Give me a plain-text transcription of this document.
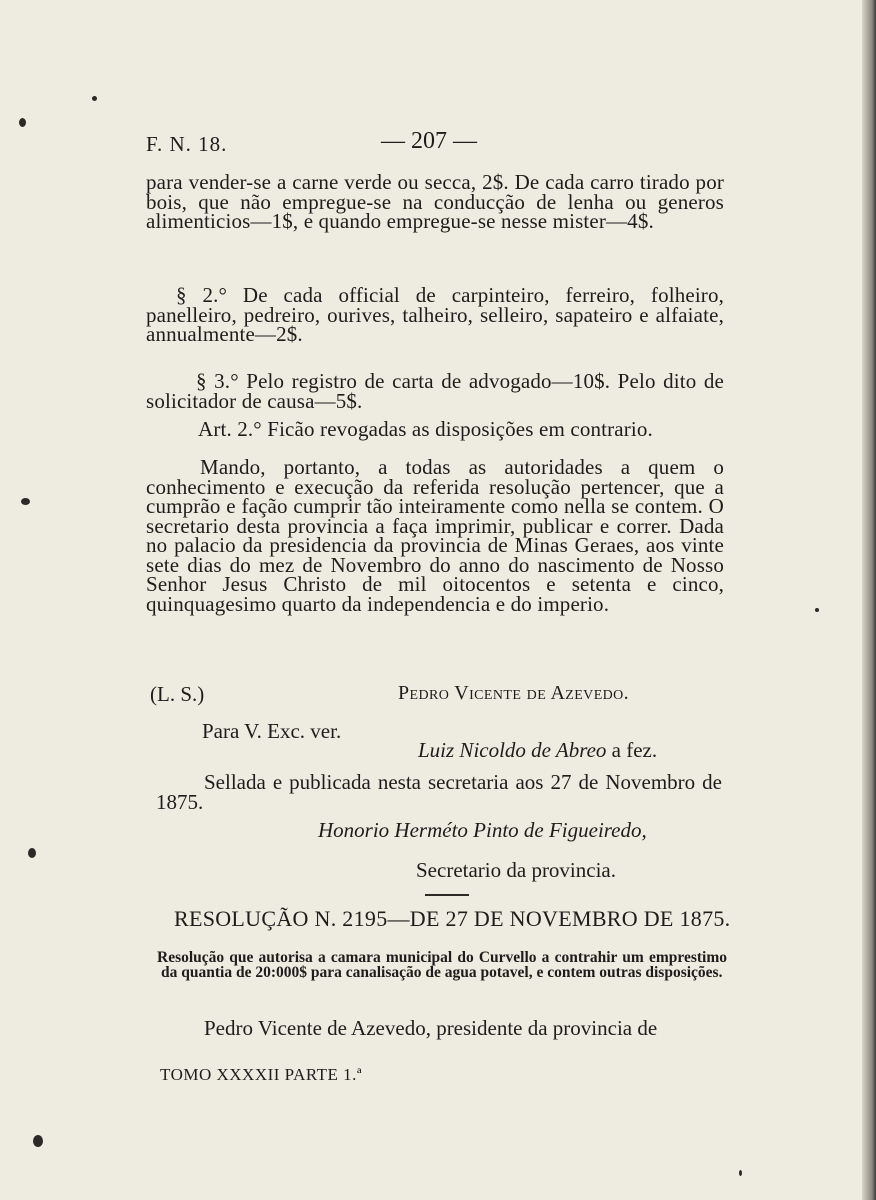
F. N. 18.	— 207 —
para vender-se a carne verde ou secca, 2$. De cada carro tirado por bois, que não empregue-se na conducção de lenha ou generos alimenticios—1$, e quando empregue-se nesse mister—4$.
§ 2.° De cada official de carpinteiro, ferreiro, folheiro, panelleiro, pedreiro, ourives, talheiro, selleiro, sapateiro e alfaiate, annualmente—2$.
§ 3.° Pelo registro de carta de advogado—10$. Pelo dito de solicitador de causa—5$.
Art. 2.° Ficão revogadas as disposições em contrario.
Mando, portanto, a todas as autoridades a quem o conhecimento e execução da referida resolução pertencer, que a cumprão e fação cumprir tão inteiramente como nella se contem. O secretario desta provincia a faça imprimir, publicar e correr. Dada no palacio da presidencia da provincia de Minas Geraes, aos vinte sete dias do mez de Novembro do anno do nascimento de Nosso Senhor Jesus Christo de mil oitocentos e setenta e cinco, quinquagesimo quarto da independencia e do imperio.
(L. S.)	Pedro Vicente de Azevedo.
Para V. Exc. ver.
Luiz Nicoldo de Abreo a fez.
Sellada e publicada nesta secretaria aos 27 de Novembro de 1875.
Honorio Herméto Pinto de Figueiredo,
Secretario da provincia.
RESOLUÇÃO N. 2195—DE 27 DE NOVEMBRO DE 1875.
Resolução que autorisa a camara municipal do Curvello a contrahir um emprestimo da quantia de 20:000$ para canalisação de agua potavel, e contem outras disposições.
Pedro Vicente de Azevedo, presidente da provincia de
TOMO XXXXII PARTE 1.ª
